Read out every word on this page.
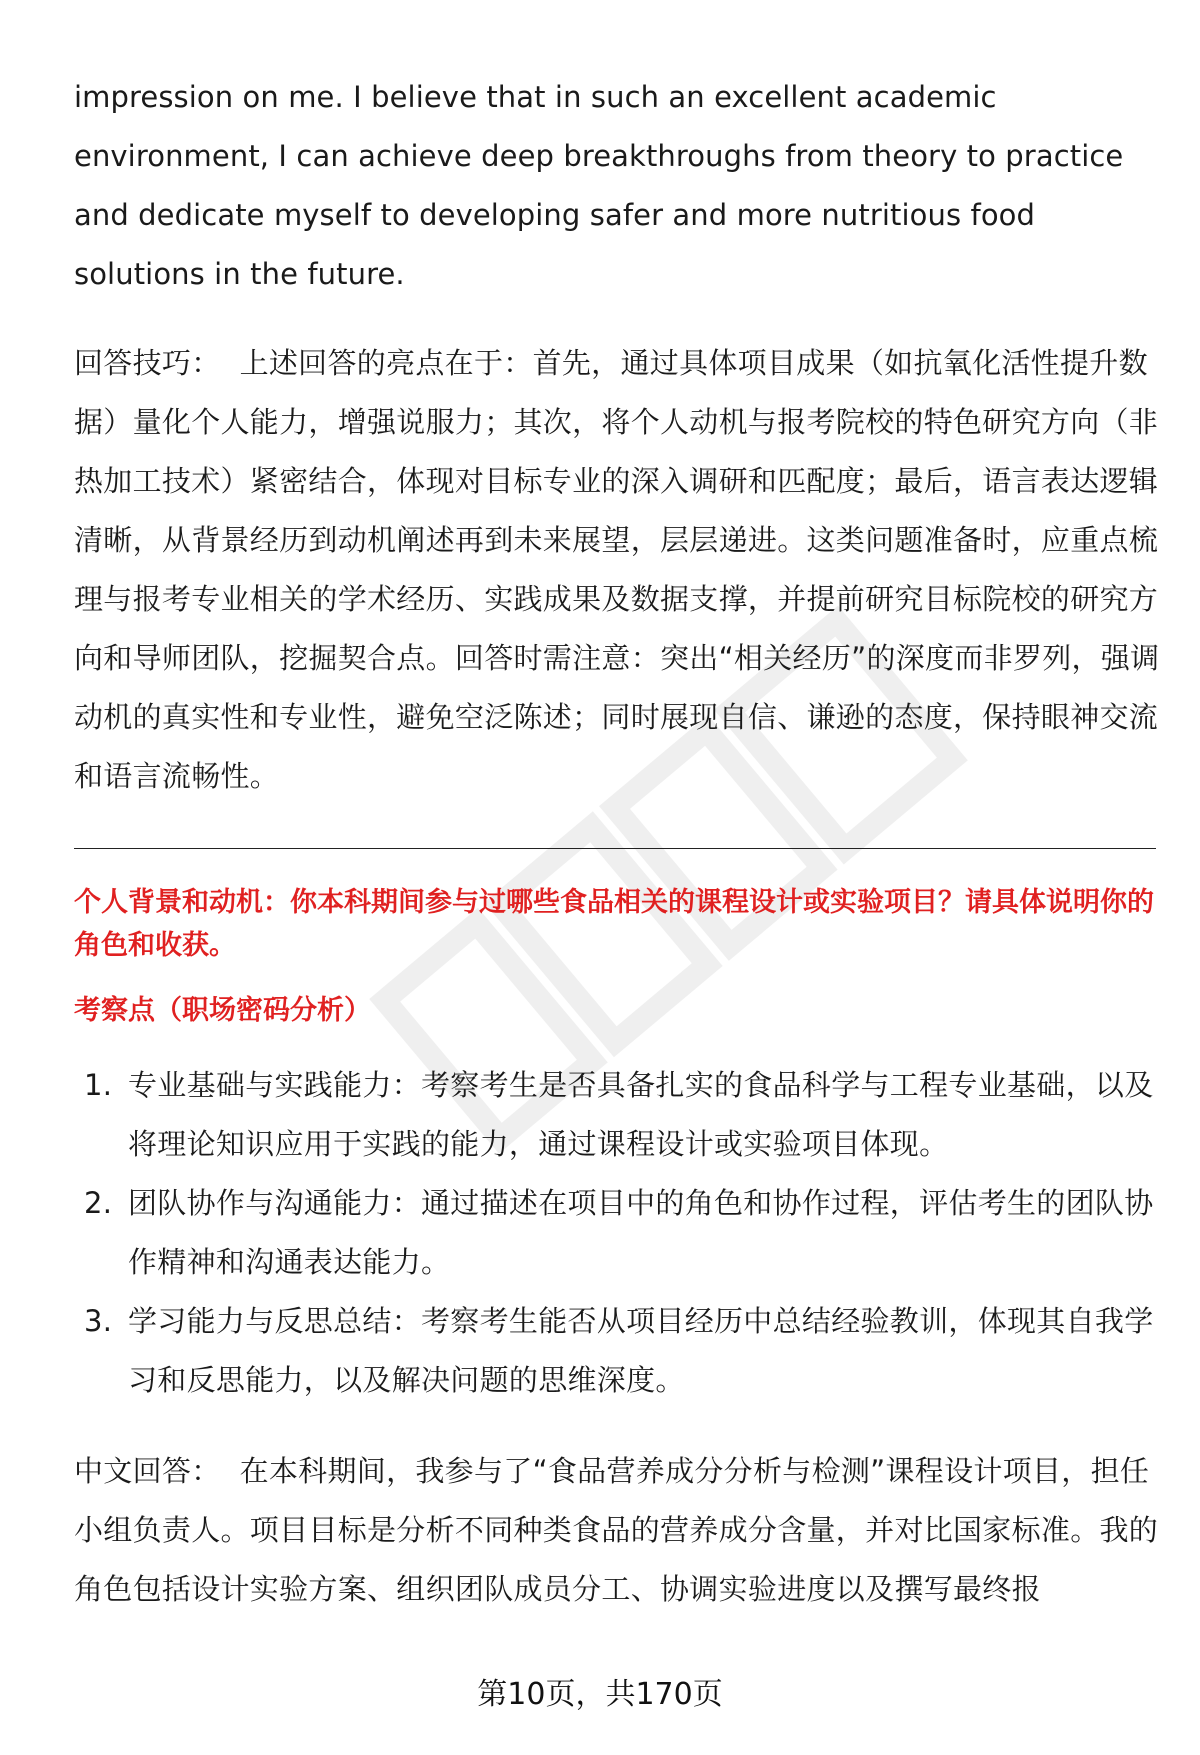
impression on me. I believe that in such an excellent academic environment, I can achieve deep breakthroughs from theory to practice and dedicate myself to developing safer and more nutritious food solutions in the future.

回答技巧： 上述回答的亮点在于：首先，通过具体项目成果（如抗氧化活性提升数据）量化个人能力，增强说服力；其次，将个人动机与报考院校的特色研究方向（非热加工技术）紧密结合，体现对目标专业的深入调研和匹配度；最后，语言表达逻辑清晰，从背景经历到动机阐述再到未来展望，层层递进。这类问题准备时，应重点梳理与报考专业相关的学术经历、实践成果及数据支撑，并提前研究目标院校的研究方向和导师团队，挖掘契合点。回答时需注意：突出“相关经历”的深度而非罗列，强调动机的真实性和专业性，避免空泛陈述；同时展现自信、谦逊的态度，保持眼神交流和语言流畅性。

个人背景和动机：你本科期间参与过哪些食品相关的课程设计或实验项目？请具体说明你的角色和收获。

考察点（职场密码分析）

1. 专业基础与实践能力：考察考生是否具备扎实的食品科学与工程专业基础，以及将理论知识应用于实践的能力，通过课程设计或实验项目体现。
2. 团队协作与沟通能力：通过描述在项目中的角色和协作过程，评估考生的团队协作精神和沟通表达能力。
3. 学习能力与反思总结：考察考生能否从项目经历中总结经验教训，体现其自我学习和反思能力，以及解决问题的思维深度。

中文回答： 在本科期间，我参与了“食品营养成分分析与检测”课程设计项目，担任小组负责人。项目目标是分析不同种类食品的营养成分含量，并对比国家标准。我的角色包括设计实验方案、组织团队成员分工、协调实验进度以及撰写最终报

第10页，共170页
